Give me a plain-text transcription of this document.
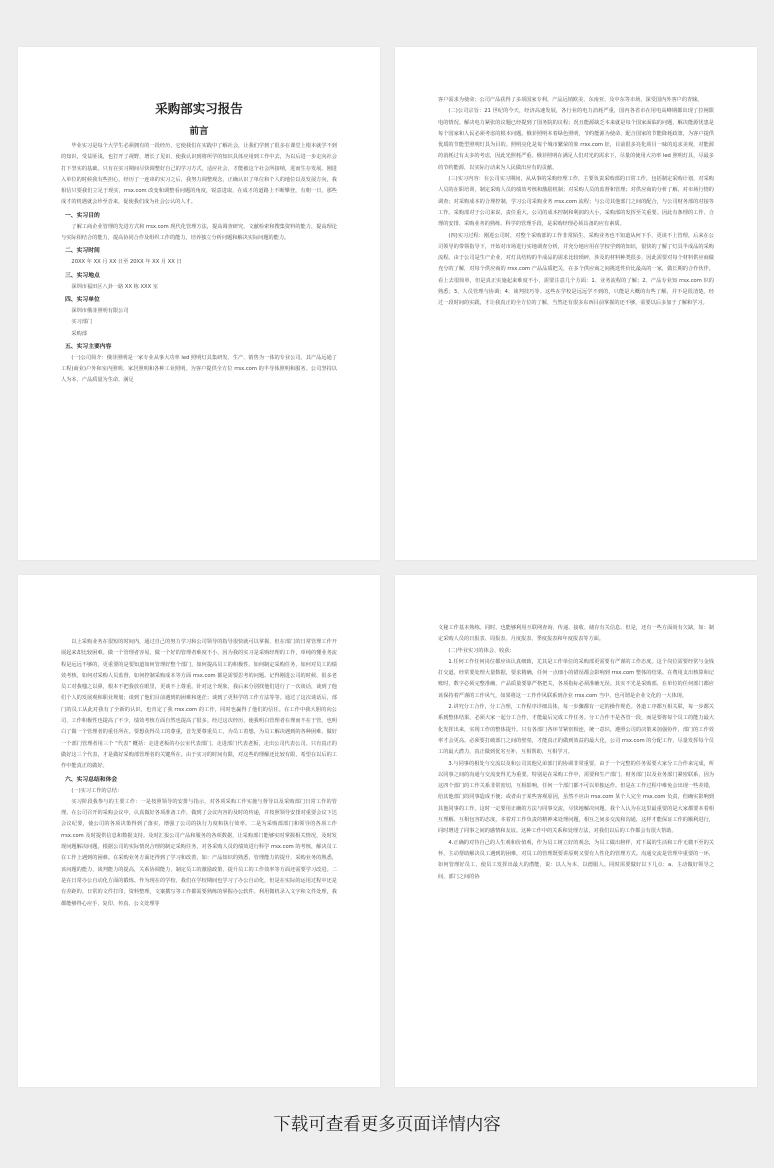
采购部实习报告
前言

毕业实习是每个大学生必须拥有的一段经历，它使我们在实践中了解社会，让我们学到了很多在课堂上根本就学不到的知识，受益匪浅，也打开了视野，增长了见识，使我认识到将所学的知识具体应用到工作中去，为以后进一步走向社会打下坚实的基础。只有在实习期间尽快调整好自己的学习方式，适应社会，才能被这个社会所接纳，进而生存发展。刚进入单位的时候我有些担心，经历了一连串的实习之后，我努力调整观念，正确认识了单位和个人的地位以及发展方向，我相信只要我们立足于现实，rrsx.com 改变和调整看问题的角度，锐意进取，在成才的道路上不断攀登，有朝一日，那些成才的机遇就会珍至沓来，促使我们成为社会公认的人才。

一、实习目的

了解工商企业管理的先进方式和 rrsx.com 现代化管理方法，提高调查研究、文献检索和搜集资料的能力，提高理论与实际相结合的能力，提高协同合作及组织工作的能力，培养独立分析问题和解决实际问题的能力。

二、实习时间

20XX 年 XX 月 XX 日至 20XX 年 XX 月 XX 日

三、实习地点

深圳市福田区八卦一路 XX 栋 XXX 室

四、实习单位

深圳市俄菲照明有限公司

实习部门

采购部

五、实习主要内容

(一)公司简介：俄菲照明是一家专业从事大功率 led 照明灯具集研发、生产、销售为一体的专业公司。其产品远通了工程(商业)户外和室内照明、家居照明和各种工业照明。为客户提供全方位 rrsx.com 的半导体照明和服务。公司坚持以人为本、产品质量为生命，满足

客户需求为使命；公司产品获得了多项国家专利，产品远销欧美、东南亚、及中东等市场，深受国内外客户的青睐。

(二)公司宗旨：21 世纪的今天，经济高速发展，各行业的电力消耗严重，国内各省市在用电高峰期都出现了拉闸限电的情况。解决电力紧张的议题已经提到了国务院的议程；况且能源缺乏本来就是每个国家面临的问题，解决能源忧患是每个国家和人民必须考虑的根本问题。俄菲照明本着绿色照明，节约能源为使命，配合国家的节能降耗政策，为客户提供优质的节能型照明灯具为目的。照明亮化是每个城市繁荣的象 rrsx.com 征，目前很多亮化项目一味的追求美观，对能源的消耗过有太多的考虑，因此光照耗严重。俄菲照明在满足人们对光的需求下，尽量的使用大功率 led 照明灯具，尽最多的节约能源，以实际行动来为人民做出应有的贡献。

(三)实习内容：在公司实习期间，从从事的采购经理工作，主要负责采购部的日常工作，包括制定采购计划，对采购人员的在职培训，制定采购人员的绩效考核和激励机制；对采购人员的监督和管理；对供应商的分析了解，对市场行情的调查；对采购成本的合理控制，学习公司采购业务 rrsx.com 流程；与公司其他部门之间的配合，与公司财务部的对接等工作。采购部对于公司来说，责任重大，公司的成本控制和利润的大小，采购部的发挥至关重要。因此有条理的工作、合理的安排、采购业务的熟练、科学的管理手段，是采购经理必须具备的应有素质。

(四)实习过程：刚进公司时，对整个采购部的工作非常陌生，采购业务也不知道从何下手，更谈不上管理。后来在公司领导的带领指导下，开始对市场进行实地调查分析，并充分地应用在学校学到的知识，很快的了解了灯具半成品的采购流程。由于公司是生产企业，对灯具结构的半成品的需求比较琐碎，涉及的材料种类很多，因此需要对每个材料供应商做充分的了解，对每个供应商的 rrsx.com 产品品质把关，在多个供应商之间挑选性价比最高的一家，做长期的合作伙伴。看上去很简单，但是真正实施起来难度不小，需要注意几个方面：1、业务流程的了解；2、产品专业知 rrsx.com 识的熟悉；3、人员管理与协调；4、谈判技巧等。这些在学校是远远学不到的，只能是大概的有些了解，并不是很清楚。经过一段时间的实践，才让我真正的全方位的了解，当然还有很多东西目前掌握的还不够，需要以后多加于了解和学习。

以上采购业务在很短的时间内，通过自己的努力学习和公司领导的指导很快就可以掌握，但在部门的日常管理工作开展起来却比较困难。做一个管理者容易，做一个好的管理者难度不小，因为我的实习是采购经理的工作，单纯的懂业务流程是远远不够的，更重要的是要知道如何管理好整个部门，如何提高员工的积极性、如何制定采购任务、如何对员工的绩效考核，如何对采购人员监督，如何控制采购成本等方面 rrsx.com 都是需要思考的问题。记得刚进公司的时候，很多老员工对我嗤之以鼻，根本不把我放在眼里，更谈不上尊重。针对这个现象，我后来分别找他们进行了一次谈话，谈到了他们个人的发展观和职业规划；谈到了他们目前遇到的困难和迷茫；谈到了更科学的工作方法等等。通过了这次谈话后，部门的员工从此对我有了全新的认识，也肯定了我 rrsx.com 的工作，同时也赢得了他们的信任。在工作中我大胆的向公司、工作积极性也提高了不少，绩效考核方面自然也提高了很多。经过这次经历，使我明白管理者在理而不在于管，也明白了做一个管理者的重任所在。要想获得员工的尊重，首先要尊重员工，为员工着想，为员工解决遇到的各种困难。做好一个部门管理者用三个 “代表” 概括：走进老板的办公室代表部门，走进部门代表老板，走出公司代表公司。只有真正的做好这三个代表，才是做好采购部管理者的关键所在。由于实习的时间有限，对这些的理解还比较有限，希望在以后的工作中能真正的做好。

六、实习总结和体会

(一)实习工作的总结：

实习阶段我参与的主要工作：一是按照领导的安排与指示，对各项采购工作实施与督导以及采购部门日常工作的管理。在公司召开的采购会议中，认真做好各项准备工作，做到了会议内容的及时的传递，并按照领导安排对重要会议下达会议纪要，使公司的各项决策得到了落实，增强了公司的执行力度和执行效率。二是为采购部部门和领导的各项工作 rrsx.com 及时提供信息和数据支持。及时汇报公司产品和服务的各项数据，让采购部门能够实时掌握相关情况，及时发现问题解决问题。根据公司的实际情况合理的制定采购任务，对各采购人员的绩效进行科学 rrsx.com 的考核，解决员工在工作上遇到的困难。在采购业务方面还得到了学习和改善，如：产品知识的熟悉，管理能力的提升，采购业务的熟悉，该问题的能力，谈判能力的提高，关系协调能力，制定员工的激励政策，提升员工的工作效率等方面还需要学习改进。二是在日常办公自动化方面的锻炼。作为现在的学校，我们在学校期间也学习了办公自动化，但是在实际的运用过程中还是有差距的。日常的文件打印，资料整理，文案撰写等工作都需要熟练的掌握办公软件。利用微机录入文字和文件处理，我都能够得心应手，复印、传真、公文处理等

文秘工作基本熟练。同时，也能够利用互联网查询、传递、接收、储存有关信息。但是，还有一些方面尚有欠缺，如：制定采购人员的日报表、周报表、月度报表、季度报表和年度报表等方面。

(二)毕业实习的体会、收获：

1.任何工作任何岗位都应该认真细致，尤其是工作单位的采购部更需要有严谨的工作态度。这个岗位需要经常与金钱打交道，经常要处理大量数据，要求精确，任何一点细小的错误都会影响到 rrsx.com 整体的结果。在费用支出核算和记账时，数字必须完整准确，产品质量要靠严格把关，各项指标必须准确无误。其实不光是采购部，在单位的任何部门都应该保持着严谨的工作风气，如果将这一工作作风联系到企业 rrsx.com 当中，也可谓是企业文化的一大体现。

2.讲究分工合作，分工合理，工作程序详细具体，每一步骤都有一定的操作规范。各道工序都互相关联，每一步都关系到整体结果，必须大家一起分工合作，才能最后完成工作任务。分工合作不是各管一段，而是要将每个员工的能力最大化发挥出来，实现工作的整体提升。只有各部门各环节紧密相连，统一意识，遵照公司的决策来加强协作，部门的工作效率才会更高。必须要打破部门之间的壁垒，才能真正的做到效益的最大化，公司 rrsx.com 的分配工作，尽量发挥每个员工的最大潜力，真正做到优劣互补，互相帮助，互相学习。

3.与同事的相处与交流以及和公司其他兄弟部门的协调非常重要，由于一个完整的任务需要大家分工合作来完成，所以同事之间的沟通与交流变得尤为重要。特别是在采购工作中，需要和生产部门，财务部门以及业务部门紧密联系，因为这四个部门的工作关系非常密切，互相影响，任何一个部门都不可以单独运作。但是在工作过程中难免会出现一些差错，给其他部门的同事造成不便；或者由于某些客观原因，虽然不应由 rrsx.com 某个人完全 rrsx.com 负责，但确实影响到其他同事的工作。这时一定要用正确的方法与同事交流，尽快地解决问题。我个人认为在这里最重要的是大家都要本着相互理解、互相包容的态度，本着对工作负责的精神来处理问题，相互之间多交流和沟通，这样才能保证工作的顺利进行，同时增进了同事之间的感情和友谊。这种工作中的关系和处理方法，对我们以后的工作都会有很大帮助。

4.正确的对待自己的人生观和价值观，作为员工树立好的观念，为员工做出榜样，对下属的生活和工作无微不至的关怀，主动帮助解决员工遇到的困难，对员工的管理既要讲原则又要有人性化的管理方式。沟通交流是管理中重要的一环，如何管理好员工，使员工发挥出最大的潜能，说：以人为本，以德服人。同时需要做好以下几点：a、主动做好领导之间，部门之间的协

下载可查看更多页面详情内容
